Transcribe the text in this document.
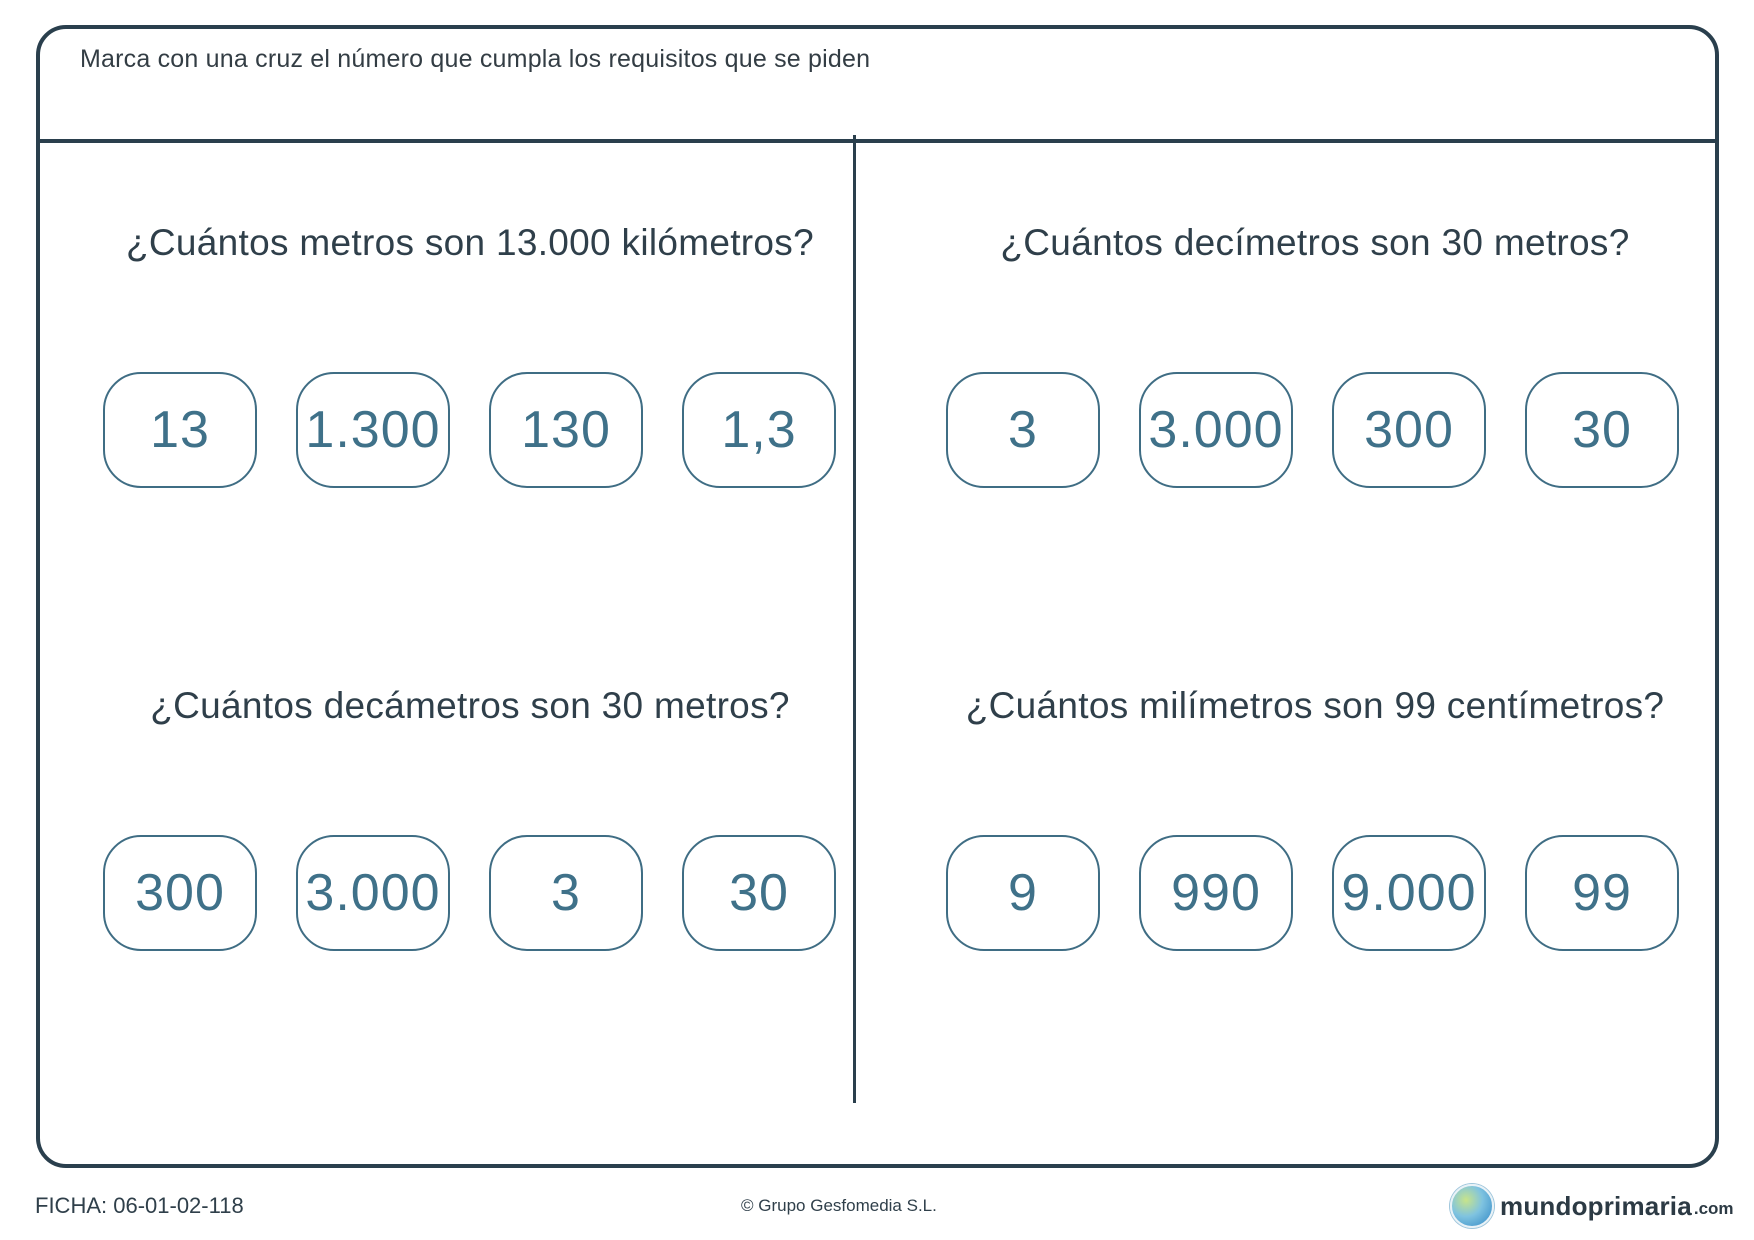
Marca con una cruz el número que cumpla los requisitos que se piden
¿Cuántos metros son 13.000 kilómetros?
13	1.300	130	1,3
¿Cuántos decímetros son 30 metros?
3	3.000	300	30
¿Cuántos decámetros son 30 metros?
300	3.000	3	30
¿Cuántos milímetros son 99 centímetros?
9	990	9.000	99
FICHA: 06-01-02-118	© Grupo Gesfomedia S.L.	mundoprimaria .com
